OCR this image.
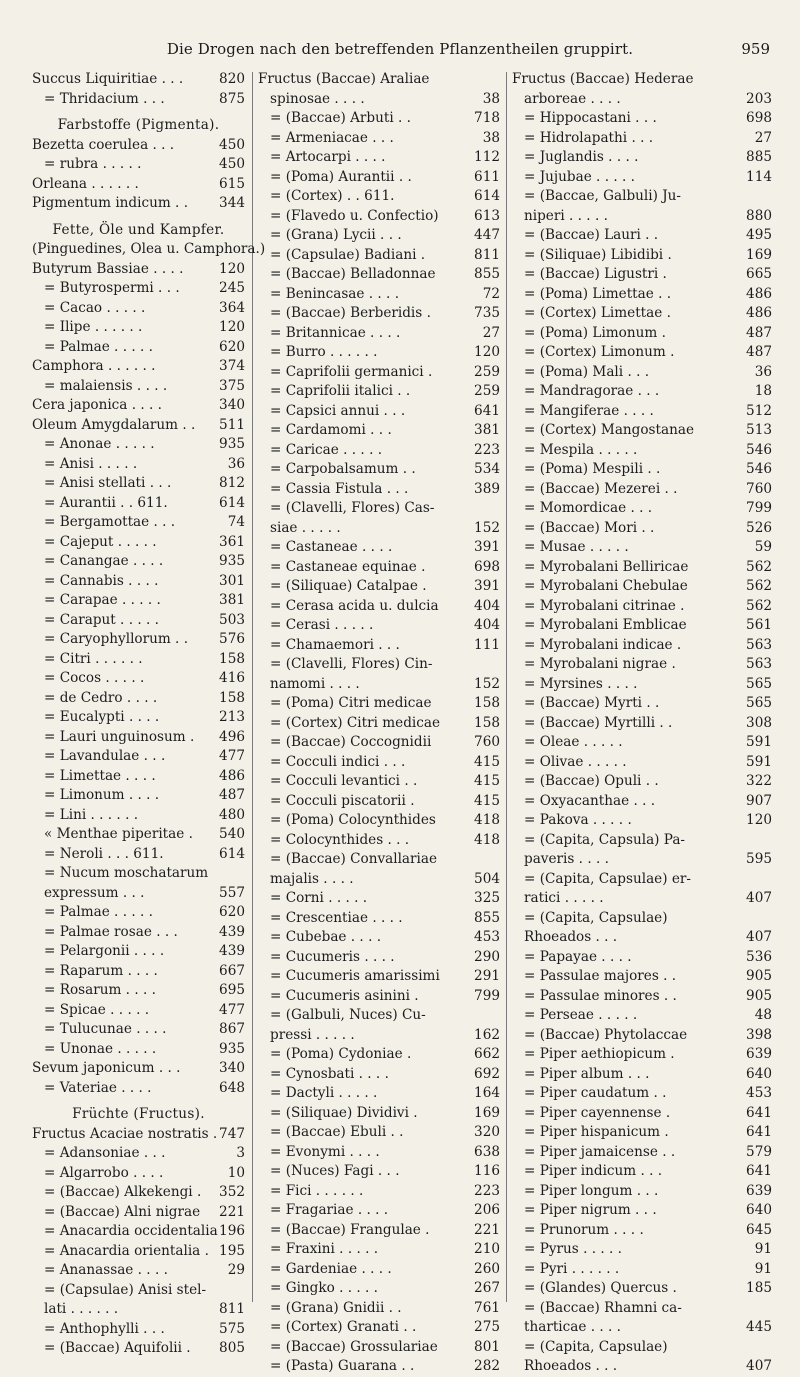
Die Drogen nach den betreffenden Pflanzentheilen gruppirt.	959
Succus Liquiritiae . . .	820
= Thridacium . . .	875
Farbstoffe (Pigmenta).
Bezetta coerulea . . .	450
= rubra . . . . .	450
Orleana . . . . . .	615
Pigmentum indicum . .	344
Fette, Öle und Kampfer.
(Pinguedines, Olea u. Camphora.)
Butyrum Bassiae . . . .	120
= Butyrospermi . . .	245
= Cacao . . . . .	364
= Ilipe . . . . . .	120
= Palmae . . . . .	620
Camphora . . . . . .	374
= malaiensis . . . .	375
Cera japonica . . . .	340
Oleum Amygdalarum . .	511
= Anonae . . . . .	935
= Anisi . . . . .	36
= Anisi stellati . . .	812
= Aurantii . . 611.	614
= Bergamottae . . .	74
= Cajeput . . . . .	361
= Canangae . . . .	935
= Cannabis . . . .	301
= Carapae . . . . .	381
= Caraput . . . . .	503
= Caryophyllorum . .	576
= Citri . . . . . .	158
= Cocos . . . . .	416
= de Cedro . . . .	158
= Eucalypti . . . .	213
= Lauri unguinosum .	496
= Lavandulae . . .	477
= Limettae . . . .	486
= Limonum . . . .	487
= Lini . . . . . .	480
« Menthae piperitae .	540
= Neroli . . . 611.	614
= Nucum moschatarum
expressum . . .	557
= Palmae . . . . .	620
= Palmae rosae . . .	439
= Pelargonii . . . .	439
= Raparum . . . .	667
= Rosarum . . . .	695
= Spicae . . . . .	477
= Tulucunae . . . .	867
= Unonae . . . . .	935
Sevum japonicum . . .	340
= Vateriae . . . .	648
Früchte (Fructus).
Fructus Acaciae nostratis . 747
= Adansoniae . . .	3
= Algarrobo . . . .	10
= (Baccae) Alkekengi .	352
= (Baccae) Alni nigrae	221
= Anacardia occidentalia 196
= Anacardia orientalia . 195
= Ananassae . . . .	29
= (Capsulae) Anisi stel-
lati . . . . . .	811
= Anthophylli . . .	575
= (Baccae) Aquifolii .	805
Fructus (Baccae) Araliae
spinosae . . . .	38
= (Baccae) Arbuti . .	718
= Armeniacae . . .	38
= Artocarpi . . . .	112
= (Poma) Aurantii . .	611
= (Cortex) . . 611.	614
= (Flavedo u. Confectio)	613
= (Grana) Lycii . . .	447
= (Capsulae) Badiani .	811
= (Baccae) Belladonnae	855
= Benincasae . . . .	72
= (Baccae) Berberidis .	735
= Britannicae . . . .	27
= Burro . . . . . .	120
= Caprifolii germanici .	259
= Caprifolii italici . .	259
= Capsici annui . . .	641
= Cardamomi . . .	381
= Caricae . . . . .	223
= Carpobalsamum . .	534
= Cassia Fistula . . .	389
= (Clavelli, Flores) Cas-
siae . . . . .	152
= Castaneae . . . .	391
= Castaneae equinae .	698
= (Siliquae) Catalpae .	391
= Cerasa acida u. dulcia	404
= Cerasi . . . . .	404
= Chamaemori . . .	111
= (Clavelli, Flores) Cin-
namomi . . . .	152
= (Poma) Citri medicae	158
= (Cortex) Citri medicae	158
= (Baccae) Coccognidii	760
= Cocculi indici . . .	415
= Cocculi levantici . .	415
= Cocculi piscatorii .	415
= (Poma) Colocynthides	418
= Colocynthides . . .	418
= (Baccae) Convallariae
majalis . . . .	504
= Corni . . . . .	325
= Crescentiae . . . .	855
= Cubebae . . . .	453
= Cucumeris . . . .	290
= Cucumeris amarissimi	291
= Cucumeris asinini .	799
= (Galbuli, Nuces) Cu-
pressi . . . . .	162
= (Poma) Cydoniae .	662
= Cynosbati . . . .	692
= Dactyli . . . . .	164
= (Siliquae) Dividivi .	169
= (Baccae) Ebuli . .	320
= Evonymi . . . .	638
= (Nuces) Fagi . . .	116
= Fici . . . . . .	223
= Fragariae . . . .	206
= (Baccae) Frangulae .	221
= Fraxini . . . . .	210
= Gardeniae . . . .	260
= Gingko . . . . .	267
= (Grana) Gnidii . .	761
= (Cortex) Granati . .	275
= (Baccae) Grossulariae	801
= (Pasta) Guarana . .	282
Fructus (Baccae) Hederae
arboreae . . . .	203
= Hippocastani . . .	698
= Hidrolapathi . . .	27
= Juglandis . . . .	885
= Jujubae . . . . .	114
= (Baccae, Galbuli) Ju-
niperi . . . . .	880
= (Baccae) Lauri . .	495
= (Siliquae) Libidibi .	169
= (Baccae) Ligustri .	665
= (Poma) Limettae . .	486
= (Cortex) Limettae .	486
= (Poma) Limonum .	487
= (Cortex) Limonum .	487
= (Poma) Mali . . .	36
= Mandragorae . . .	18
= Mangiferae . . . .	512
= (Cortex) Mangostanae	513
= Mespila . . . . .	546
= (Poma) Mespili . .	546
= (Baccae) Mezerei . .	760
= Momordicae . . .	799
= (Baccae) Mori . .	526
= Musae . . . . .	59
= Myrobalani Belliricae	562
= Myrobalani Chebulae	562
= Myrobalani citrinae .	562
= Myrobalani Emblicae	561
= Myrobalani indicae .	563
= Myrobalani nigrae .	563
= Myrsines . . . .	565
= (Baccae) Myrti . .	565
= (Baccae) Myrtilli . .	308
= Oleae . . . . .	591
= Olivae . . . . .	591
= (Baccae) Opuli . .	322
= Oxyacanthae . . .	907
= Pakova . . . . .	120
= (Capita, Capsula) Pa-
paveris . . . .	595
= (Capita, Capsulae) er-
ratici . . . . .	407
= (Capita, Capsulae)
Rhoeados . . .	407
= Papayae . . . .	536
= Passulae majores . .	905
= Passulae minores . .	905
= Perseae . . . . .	48
= (Baccae) Phytolaccae	398
= Piper aethiopicum .	639
= Piper album . . .	640
= Piper caudatum . .	453
= Piper cayennense .	641
= Piper hispanicum .	641
= Piper jamaicense . .	579
= Piper indicum . . .	641
= Piper longum . . .	639
= Piper nigrum . . .	640
= Prunorum . . . .	645
= Pyrus . . . . .	91
= Pyri . . . . . .	91
= (Glandes) Quercus .	185
= (Baccae) Rhamni ca-
tharticae . . . .	445
= (Capita, Capsulae)
Rhoeados . . .	407
